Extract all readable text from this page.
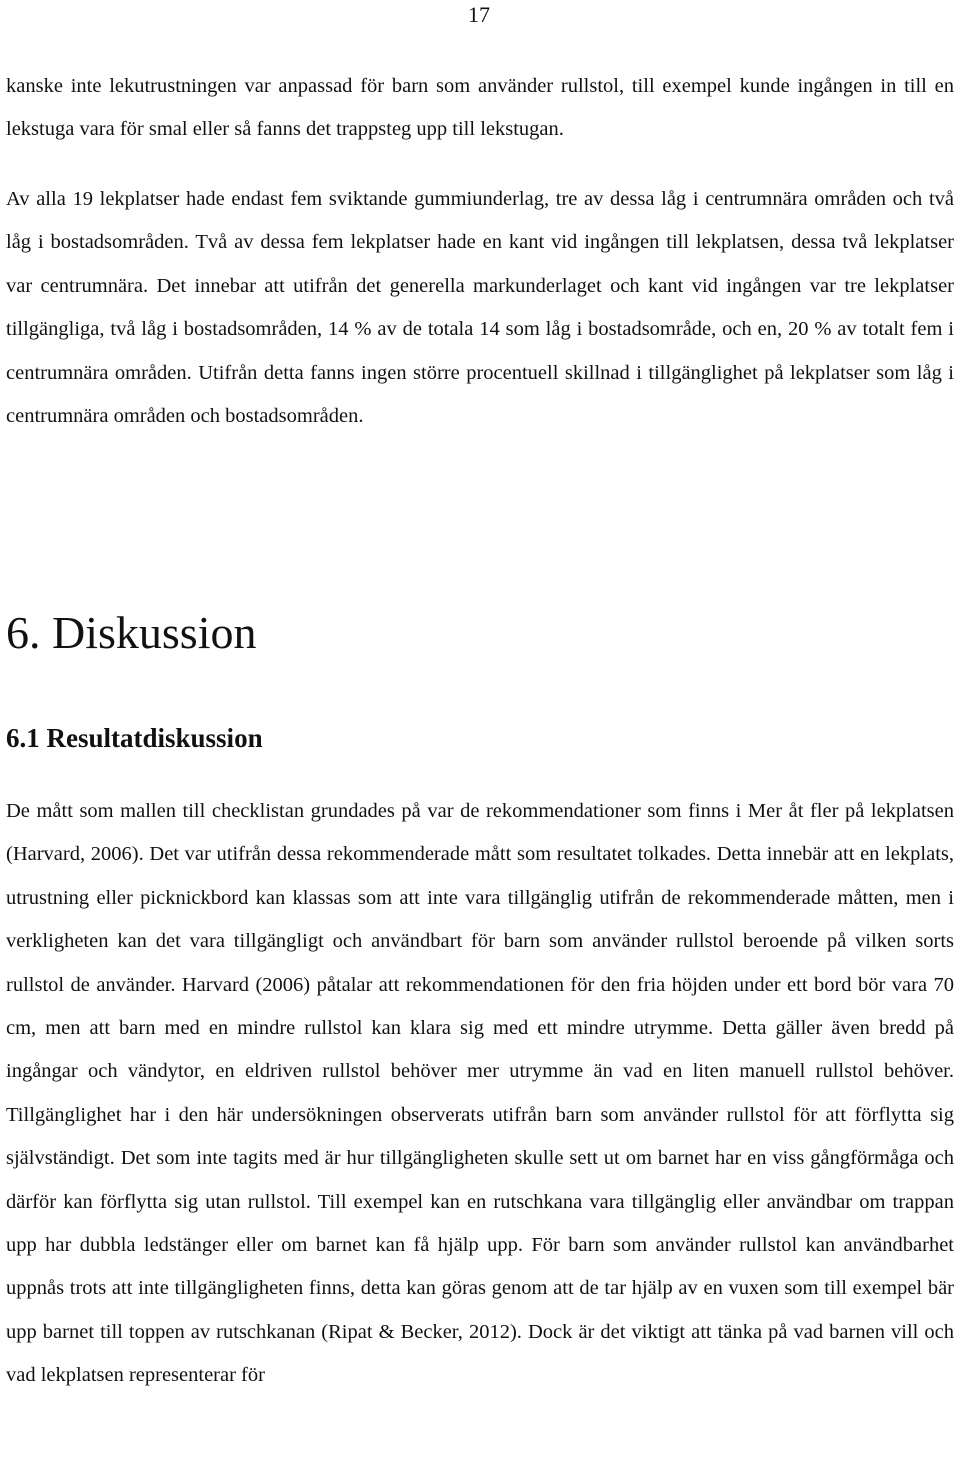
17

kanske inte lekutrustningen var anpassad för barn som använder rullstol, till exempel kunde ingången in till en lekstuga vara för smal eller så fanns det trappsteg upp till lekstugan.

Av alla 19 lekplatser hade endast fem sviktande gummiunderlag, tre av dessa låg i centrumnära områden och två låg i bostadsområden. Två av dessa fem lekplatser hade en kant vid ingången till lekplatsen, dessa två lekplatser var centrumnära. Det innebar att utifrån det generella markunderlaget och kant vid ingången var tre lekplatser tillgängliga, två låg i bostadsområden, 14 % av de totala 14 som låg i bostadsområde, och en, 20 % av totalt fem i centrumnära områden. Utifrån detta fanns ingen större procentuell skillnad i tillgänglighet på lekplatser som låg i centrumnära områden och bostadsområden.

6. Diskussion
6.1 Resultatdiskussion

De mått som mallen till checklistan grundades på var de rekommendationer som finns i Mer åt fler på lekplatsen (Harvard, 2006). Det var utifrån dessa rekommenderade mått som resultatet tolkades. Detta innebär att en lekplats, utrustning eller picknickbord kan klassas som att inte vara tillgänglig utifrån de rekommenderade måtten, men i verkligheten kan det vara tillgängligt och användbart för barn som använder rullstol beroende på vilken sorts rullstol de använder. Harvard (2006) påtalar att rekommendationen för den fria höjden under ett bord bör vara 70 cm, men att barn med en mindre rullstol kan klara sig med ett mindre utrymme. Detta gäller även bredd på ingångar och vändytor, en eldriven rullstol behöver mer utrymme än vad en liten manuell rullstol behöver. Tillgänglighet har i den här undersökningen observerats utifrån barn som använder rullstol för att förflytta sig självständigt. Det som inte tagits med är hur tillgängligheten skulle sett ut om barnet har en viss gångförmåga och därför kan förflytta sig utan rullstol. Till exempel kan en rutschkana vara tillgänglig eller användbar om trappan upp har dubbla ledstänger eller om barnet kan få hjälp upp. För barn som använder rullstol kan användbarhet uppnås trots att inte tillgängligheten finns, detta kan göras genom att de tar hjälp av en vuxen som till exempel bär upp barnet till toppen av rutschkanan (Ripat & Becker, 2012). Dock är det viktigt att tänka på vad barnen vill och vad lekplatsen representerar för
